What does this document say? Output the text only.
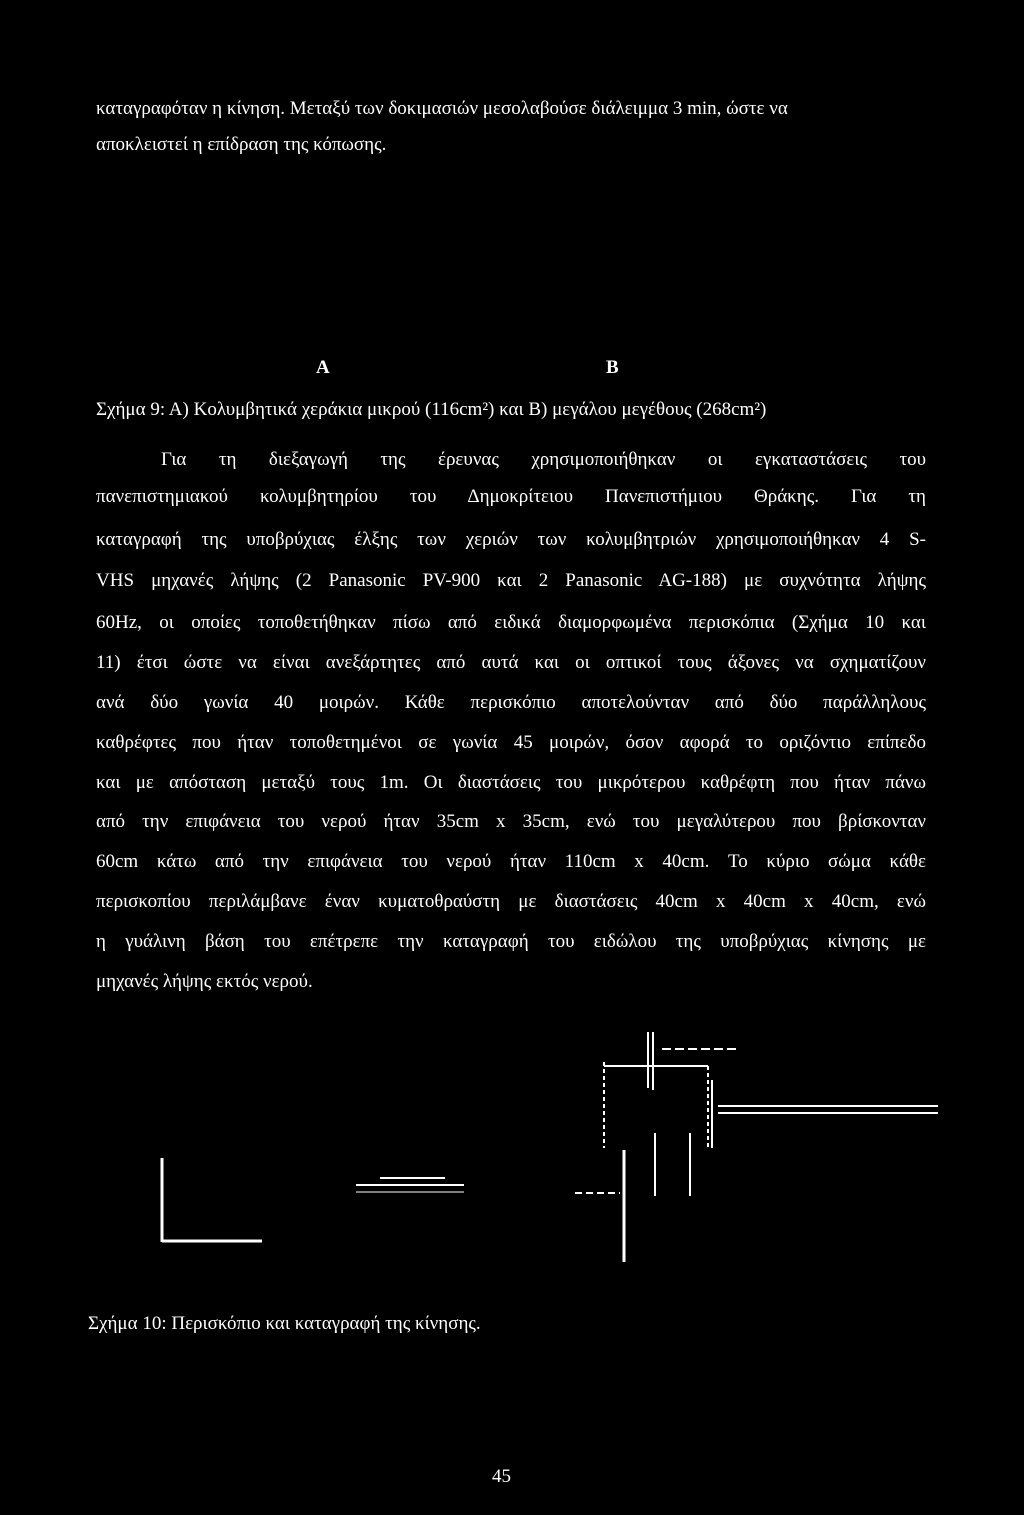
καταγραφόταν η κίνηση. Μεταξύ των δοκιμασιών μεσολαβούσε διάλειμμα 3 min, ώστε να
αποκλειστεί η επίδραση της κόπωσης.
A	B
Σχήμα 9: Α) Κολυμβητικά χεράκια μικρού (116cm²) και Β) μεγάλου μεγέθους (268cm²)
Για τη διεξαγωγή της έρευνας χρησιμοποιήθηκαν οι εγκαταστάσεις του
πανεπιστημιακού κολυμβητηρίου του Δημοκρίτειου Πανεπιστήμιου Θράκης. Για τη
καταγραφή της υποβρύχιας έλξης των χεριών των κολυμβητριών χρησιμοποιήθηκαν 4 S-
VHS μηχανές λήψης (2 Panasonic PV-900 και 2 Panasonic AG-188) με συχνότητα λήψης
60Hz, οι οποίες τοποθετήθηκαν πίσω από ειδικά διαμορφωμένα περισκόπια (Σχήμα 10 και
11) έτσι ώστε να είναι ανεξάρτητες από αυτά και οι οπτικοί τους άξονες να σχηματίζουν
ανά δύο γωνία 40 μοιρών. Κάθε περισκόπιο αποτελούνταν από δύο παράλληλους
καθρέφτες που ήταν τοποθετημένοι σε γωνία 45 μοιρών, όσον αφορά το οριζόντιο επίπεδο
και με απόσταση μεταξύ τους 1m. Οι διαστάσεις του μικρότερου καθρέφτη που ήταν πάνω
από την επιφάνεια του νερού ήταν 35cm x 35cm, ενώ του μεγαλύτερου που βρίσκονταν
60cm κάτω από την επιφάνεια του νερού ήταν 110cm x 40cm. Το κύριο σώμα κάθε
περισκοπίου περιλάμβανε έναν κυματοθραύστη με διαστάσεις 40cm x 40cm x 40cm, ενώ
η γυάλινη βάση του επέτρεπε την καταγραφή του ειδώλου της υποβρύχιας κίνησης με
μηχανές λήψης εκτός νερού.
Σχήμα 10: Περισκόπιο και καταγραφή της κίνησης.
45
